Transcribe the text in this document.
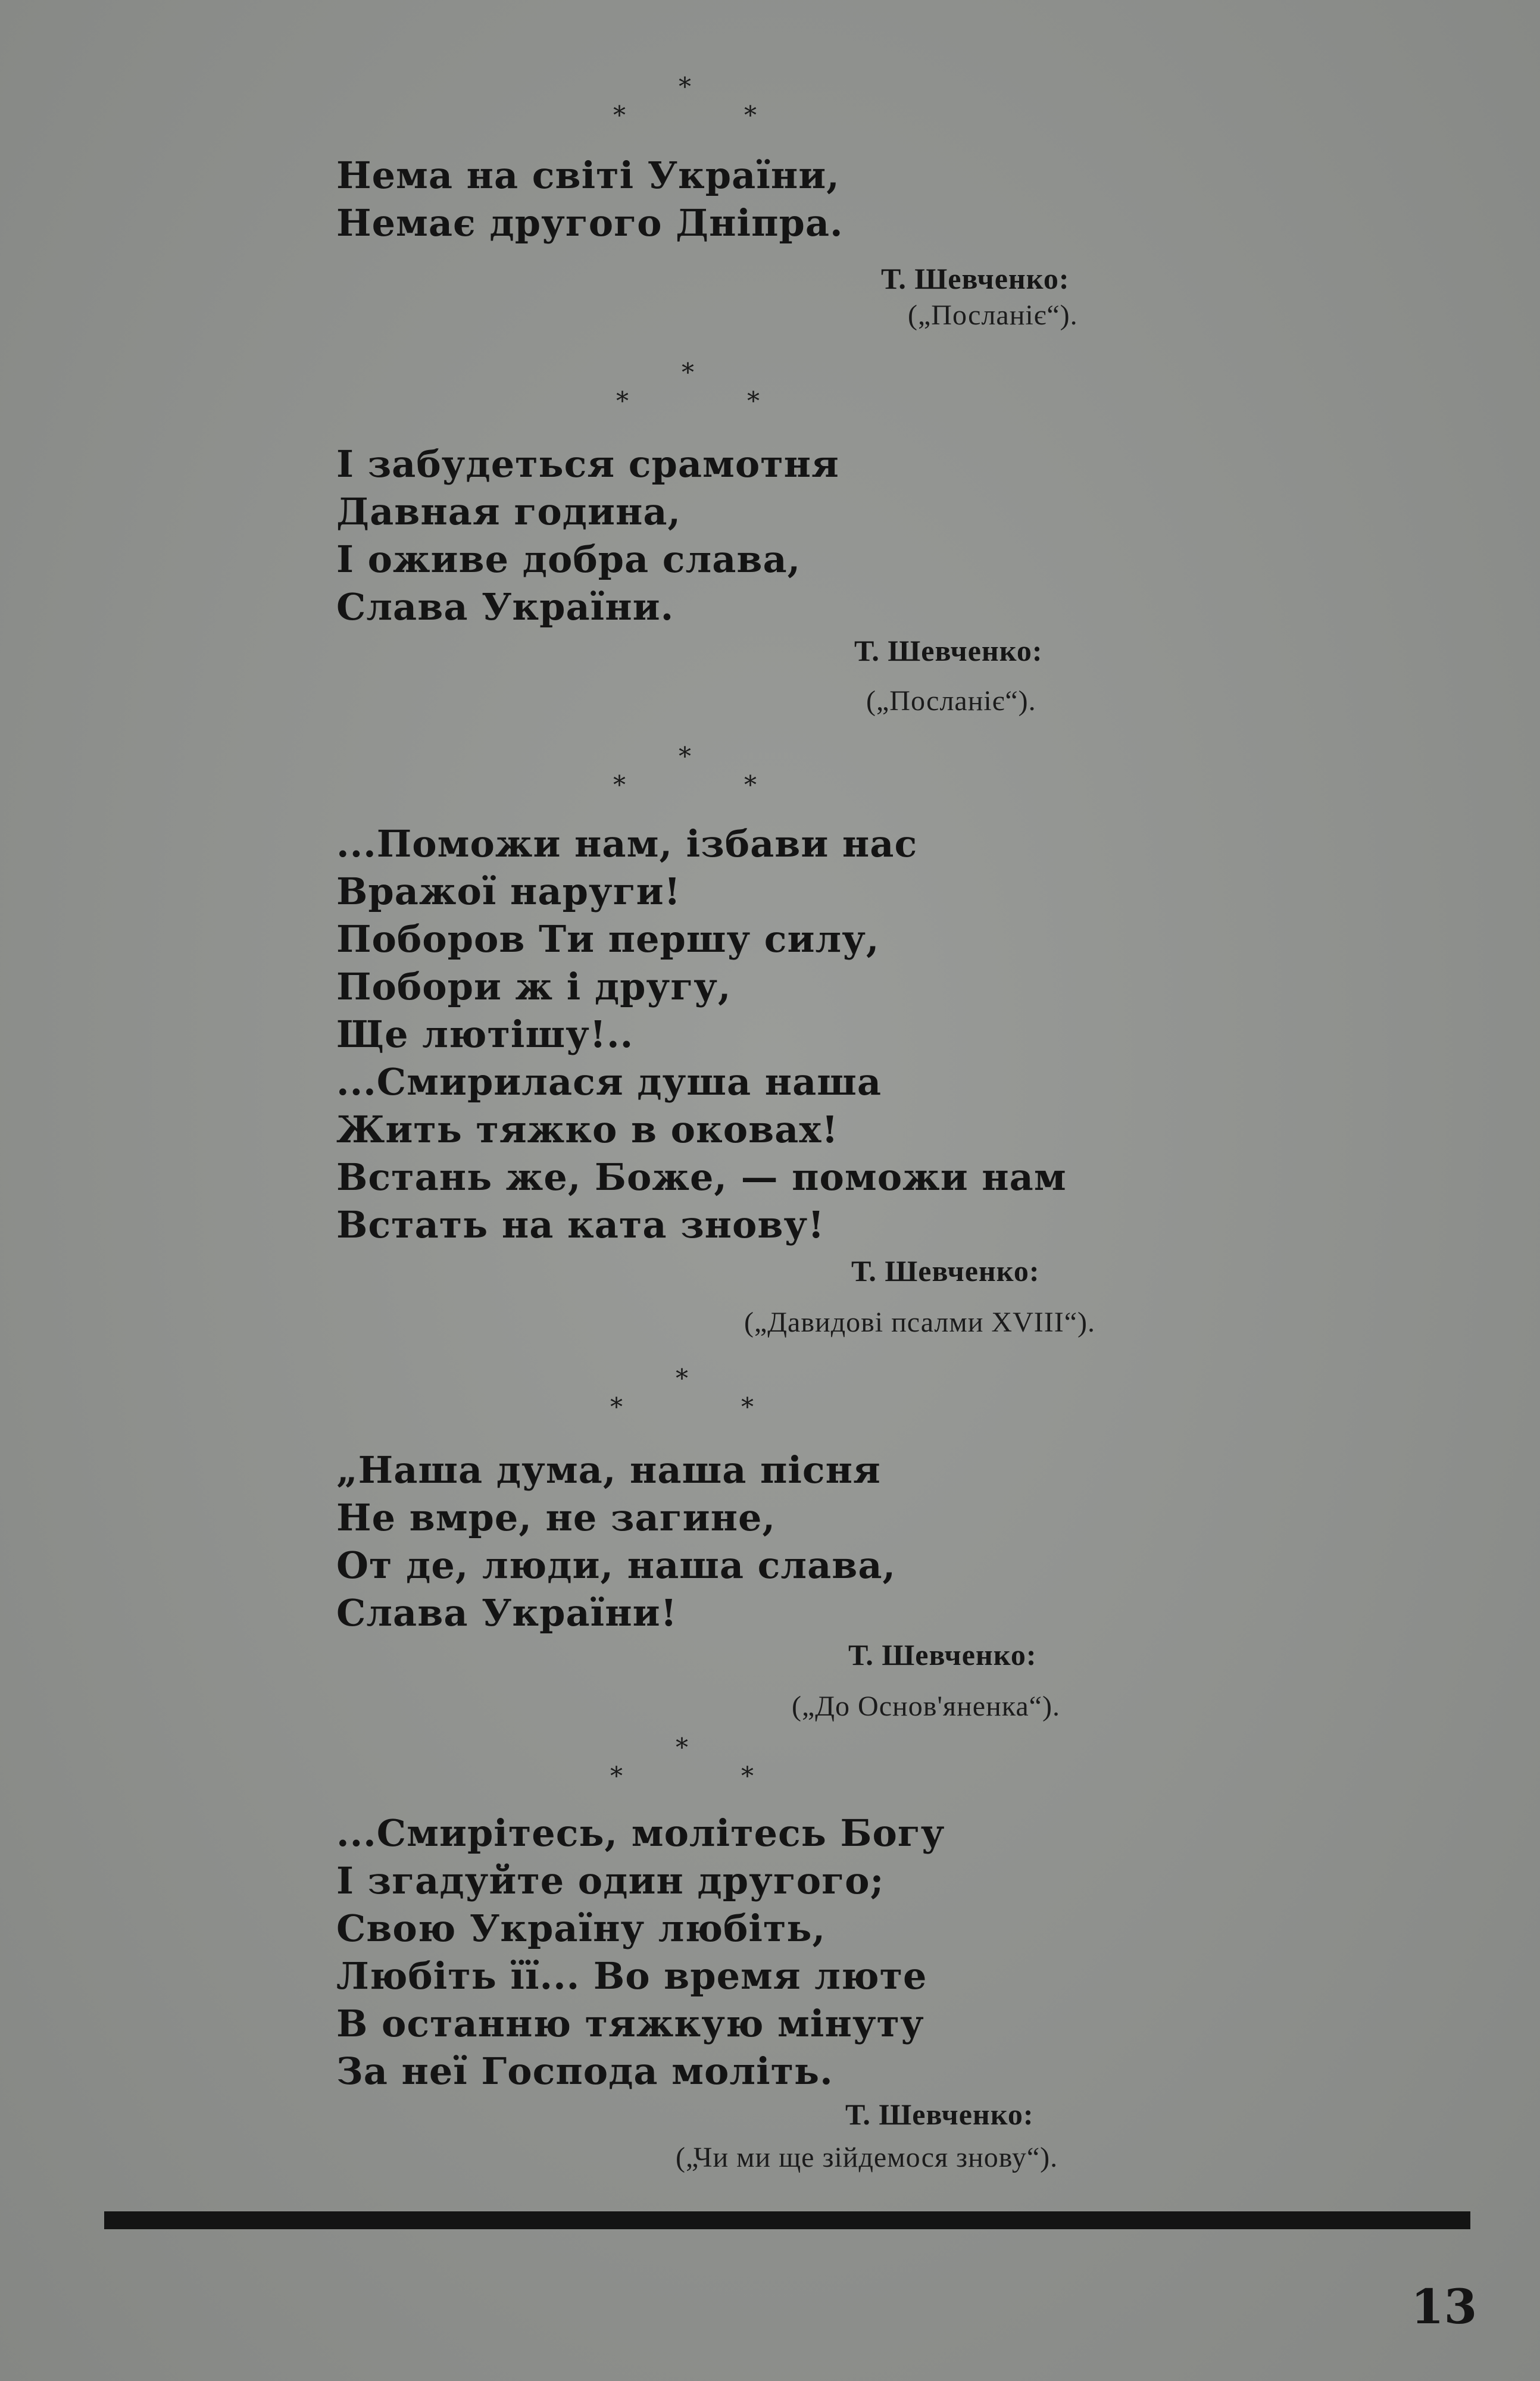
*
*	*
Нема на світі України,
Немає другого Дніпра.
Т. Шевченко:
(„Посланіє“).
*
*	*
І забудеться срамотня
Давная година,
І оживе добра слава,
Слава України.
Т. Шевченко:
(„Посланіє“).
*
*	*
...Поможи нам, ізбави нас
Вражої наруги!
Поборов Ти першу силу,
Побори ж і другу,
Ще лютішу!..
...Смирилася душа наша
Жить тяжко в оковах!
Встань же, Боже, — поможи нам
Встать на ката знову!
Т. Шевченко:
(„Давидові псалми XVIII“).
*
*	*
„Наша дума, наша пісня
Не вмре, не загине,
От де, люди, наша слава,
Слава України!
Т. Шевченко:
(„До Основ'яненка“).
*
*	*
...Смирітесь, молітесь Богу
І згадуйте один другого;
Свою Україну любіть,
Любіть її... Во время люте
В останню тяжкую мінуту
За неї Господа моліть.
Т. Шевченко:
(„Чи ми ще зійдемося знову“).
13
